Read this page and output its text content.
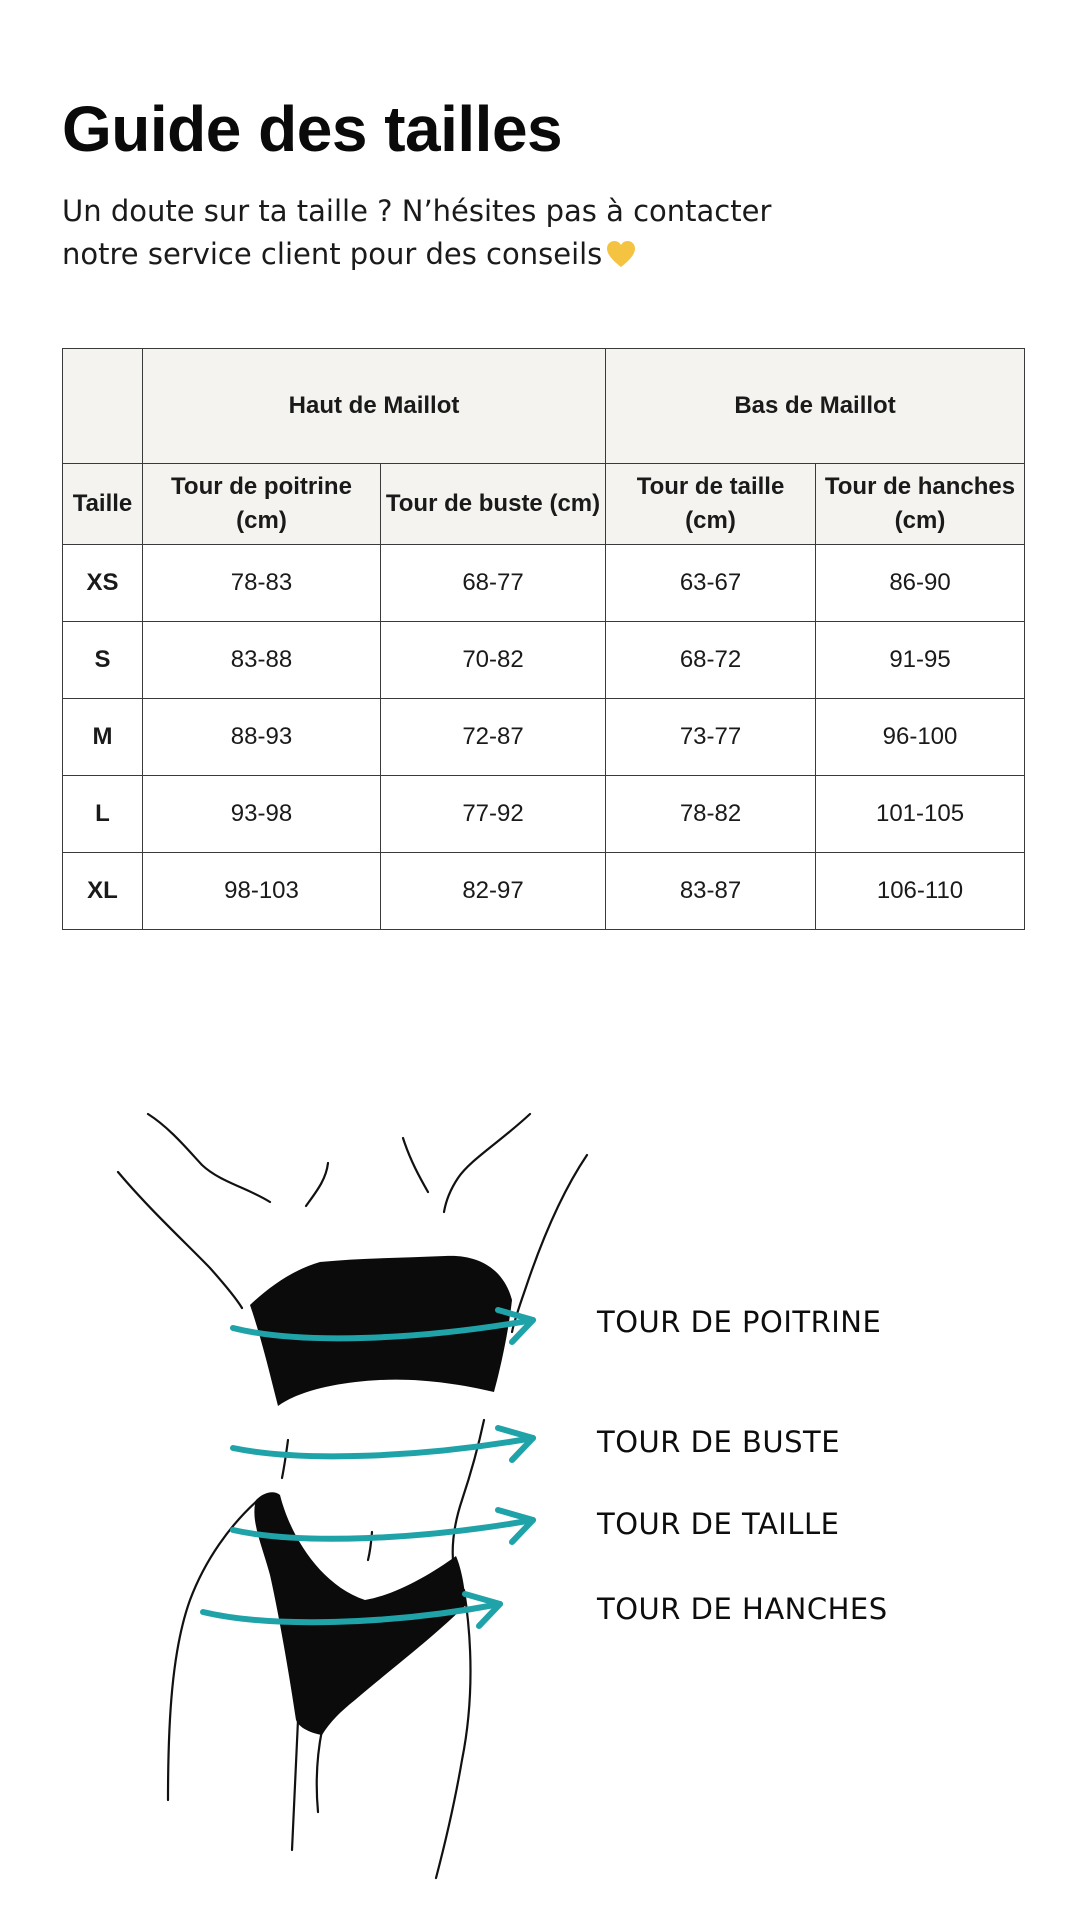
Guide des tailles

Un doute sur ta taille ? N’hésites pas à contacter
notre service client pour des conseils

	Haut de Maillot		Bas de Maillot	
Taille	Tour de poitrine (cm)	Tour de buste (cm)	Tour de taille (cm)	Tour de hanches (cm)
XS	78-83	68-77	63-67	86-90
S	83-88	70-82	68-72	91-95
M	88-93	72-87	73-77	96-100
L	93-98	77-92	78-82	101-105
XL	98-103	82-97	83-87	106-110
TOUR DE POITRINE
TOUR DE BUSTE
TOUR DE TAILLE
TOUR DE HANCHES
